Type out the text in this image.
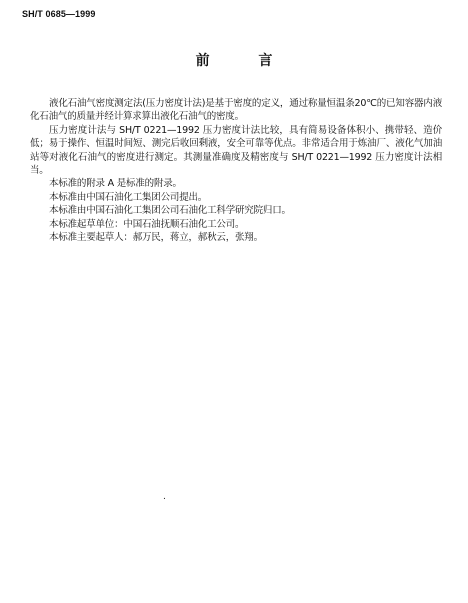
SH/T 0685—1999
前 言

液化石油气密度测定法(压力密度计法)是基于密度的定义，通过称量恒温条20℃的已知容器内液化石油气的质量并经计算求算出液化石油气的密度。

压力密度计法与 SH/T 0221—1992 压力密度计法比较，具有简易设备体积小、携带轻、造价低；易于操作、恒温时间短、测完后收回剩液，安全可靠等优点。非常适合用于炼油厂、液化气加油站等对液化石油气的密度进行测定。其测量准确度及精密度与 SH/T 0221—1992 压力密度计法相当。

本标准的附录 A 是标准的附录。

本标准由中国石油化工集团公司提出。

本标准由中国石油化工集团公司石油化工科学研究院归口。

本标准起草单位：中国石油抚顺石油化工公司。

本标准主要起草人：郝万民，蒋立，郝秋云，张翔。

.
